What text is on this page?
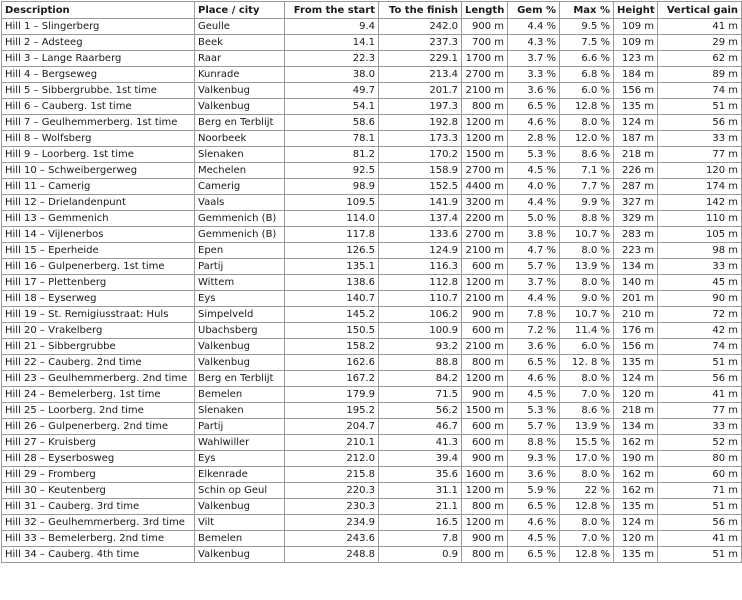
Description	Place / city	From the start	To the finish	Length	Gem %	Max %	Height	Vertical gain
Hill 1 – Slingerberg	Geulle	9.4	242.0	900 m	4.4 %	9.5 %	109 m	41 m
Hill 2 – Adsteeg	Beek	14.1	237.3	700 m	4.3 %	7.5 %	109 m	29 m
Hill 3 – Lange Raarberg	Raar	22.3	229.1	1700 m	3.7 %	6.6 %	123 m	62 m
Hill 4 – Bergseweg	Kunrade	38.0	213.4	2700 m	3.3 %	6.8 %	184 m	89 m
Hill 5 – Sibbergrubbe. 1st time	Valkenbug	49.7	201.7	2100 m	3.6 %	6.0 %	156 m	74 m
Hill 6 – Cauberg. 1st time	Valkenbug	54.1	197.3	800 m	6.5 %	12.8 %	135 m	51 m
Hill 7 – Geulhemmerberg. 1st time	Berg en Terblijt	58.6	192.8	1200 m	4.6 %	8.0 %	124 m	56 m
Hill 8 – Wolfsberg	Noorbeek	78.1	173.3	1200 m	2.8 %	12.0 %	187 m	33 m
Hill 9 – Loorberg. 1st time	Slenaken	81.2	170.2	1500 m	5.3 %	8.6 %	218 m	77 m
Hill 10 – Schweibergerweg	Mechelen	92.5	158.9	2700 m	4.5 %	7.1 %	226 m	120 m
Hill 11 – Camerig	Camerig	98.9	152.5	4400 m	4.0 %	7.7 %	287 m	174 m
Hill 12 – Drielandenpunt	Vaals	109.5	141.9	3200 m	4.4 %	9.9 %	327 m	142 m
Hill 13 – Gemmenich	Gemmenich (B)	114.0	137.4	2200 m	5.0 %	8.8 %	329 m	110 m
Hill 14 – Vijlenerbos	Gemmenich (B)	117.8	133.6	2700 m	3.8 %	10.7 %	283 m	105 m
Hill 15 – Eperheide	Epen	126.5	124.9	2100 m	4.7 %	8.0 %	223 m	98 m
Hill 16 – Gulpenerberg. 1st time	Partij	135.1	116.3	600 m	5.7 %	13.9 %	134 m	33 m
Hill 17 – Plettenberg	Wittem	138.6	112.8	1200 m	3.7 %	8.0 %	140 m	45 m
Hill 18 – Eyserweg	Eys	140.7	110.7	2100 m	4.4 %	9.0 %	201 m	90 m
Hill 19 – St. Remigiusstraat: Huls	Simpelveld	145.2	106.2	900 m	7.8 %	10.7 %	210 m	72 m
Hill 20 – Vrakelberg	Ubachsberg	150.5	100.9	600 m	7.2 %	11.4 %	176 m	42 m
Hill 21 – Sibbergrubbe	Valkenbug	158.2	93.2	2100 m	3.6 %	6.0 %	156 m	74 m
Hill 22 – Cauberg. 2nd time	Valkenbug	162.6	88.8	800 m	6.5 %	12. 8 %	135 m	51 m
Hill 23 – Geulhemmerberg. 2nd time	Berg en Terblijt	167.2	84.2	1200 m	4.6 %	8.0 %	124 m	56 m
Hill 24 – Bemelerberg. 1st time	Bemelen	179.9	71.5	900 m	4.5 %	7.0 %	120 m	41 m
Hill 25 – Loorberg. 2nd time	Slenaken	195.2	56.2	1500 m	5.3 %	8.6 %	218 m	77 m
Hill 26 – Gulpenerberg. 2nd time	Partij	204.7	46.7	600 m	5.7 %	13.9 %	134 m	33 m
Hill 27 – Kruisberg	Wahlwiller	210.1	41.3	600 m	8.8 %	15.5 %	162 m	52 m
Hill 28 – Eyserbosweg	Eys	212.0	39.4	900 m	9.3 %	17.0 %	190 m	80 m
Hill 29 – Fromberg	Elkenrade	215.8	35.6	1600 m	3.6 %	8.0 %	162 m	60 m
Hill 30 – Keutenberg	Schin op Geul	220.3	31.1	1200 m	5.9 %	22 %	162 m	71 m
Hill 31 – Cauberg. 3rd time	Valkenbug	230.3	21.1	800 m	6.5 %	12.8 %	135 m	51 m
Hill 32 – Geulhemmerberg. 3rd time	Vilt	234.9	16.5	1200 m	4.6 %	8.0 %	124 m	56 m
Hill 33 – Bemelerberg. 2nd time	Bemelen	243.6	7.8	900 m	4.5 %	7.0 %	120 m	41 m
Hill 34 – Cauberg. 4th time	Valkenbug	248.8	0.9	800 m	6.5 %	12.8 %	135 m	51 m
